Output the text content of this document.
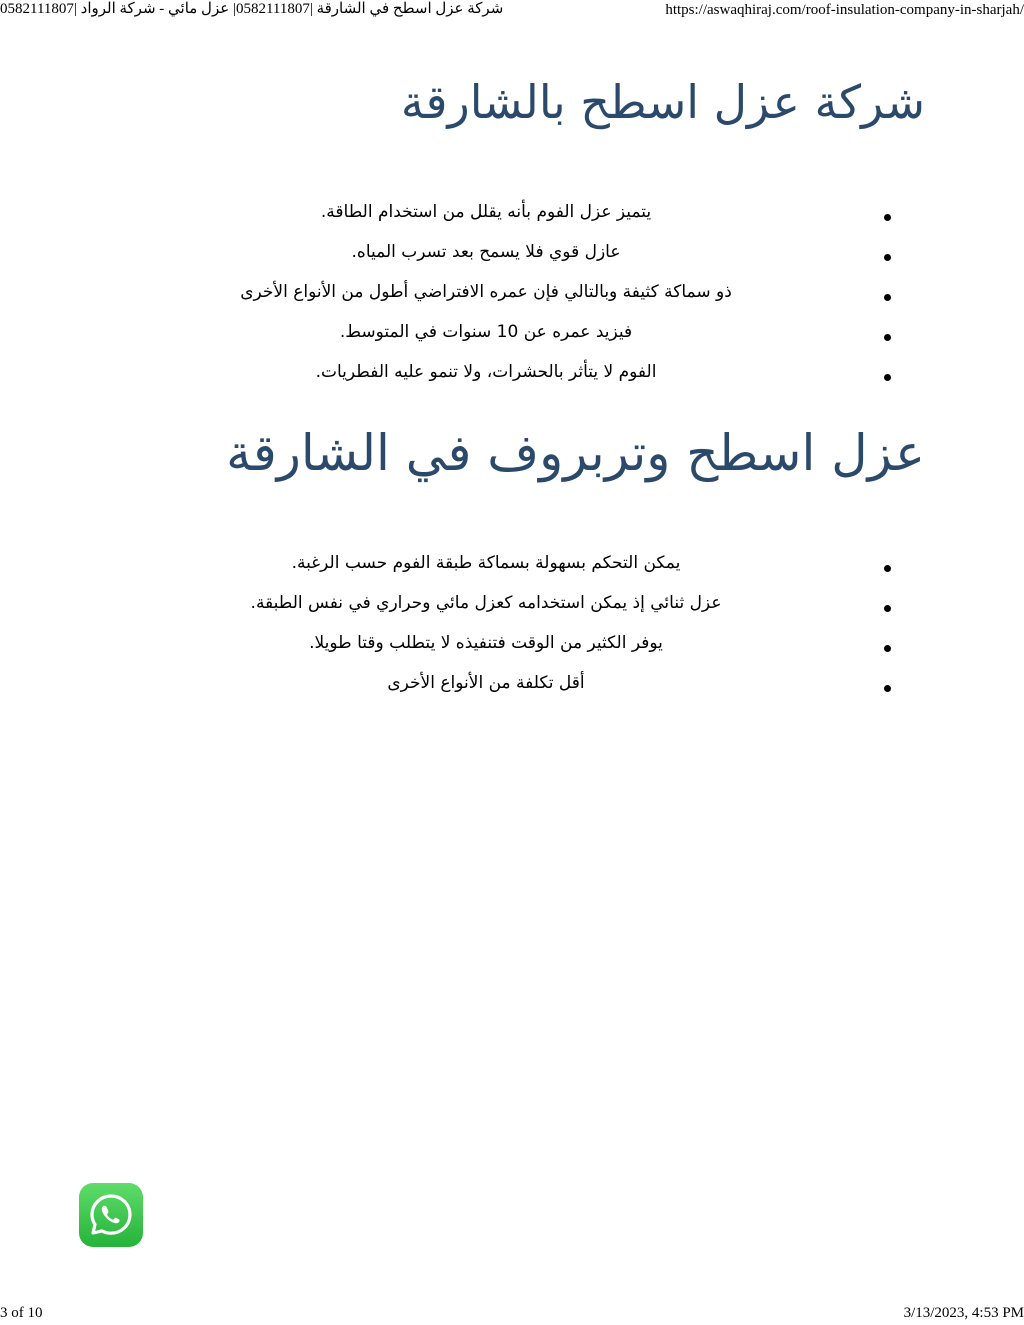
شركة عزل اسطح في الشارقة |0582111807| عزل مائي - شركة الرواد |0582111807	https://aswaqhiraj.com/roof-insulation-company-in-sharjah/
شركة عزل اسطح بالشارقة
يتميز عزل الفوم بأنه يقلل من استخدام الطاقة.
عازل قوي فلا يسمح بعد تسرب المياه.
ذو سماكة كثيفة وبالتالي فإن عمره الافتراضي أطول من الأنواع الأخرى
فيزيد عمره عن 10 سنوات في المتوسط.
الفوم لا يتأثر بالحشرات، ولا تنمو عليه الفطريات.
عزل اسطح وتربروف في الشارقة
يمكن التحكم بسهولة بسماكة طبقة الفوم حسب الرغبة.
عزل ثنائي إذ يمكن استخدامه كعزل مائي وحراري في نفس الطبقة.
يوفر الكثير من الوقت فتنفيذه لا يتطلب وقتا طويلا.
أقل تكلفة من الأنواع الأخرى
3 of 10	3/13/2023, 4:53 PM
